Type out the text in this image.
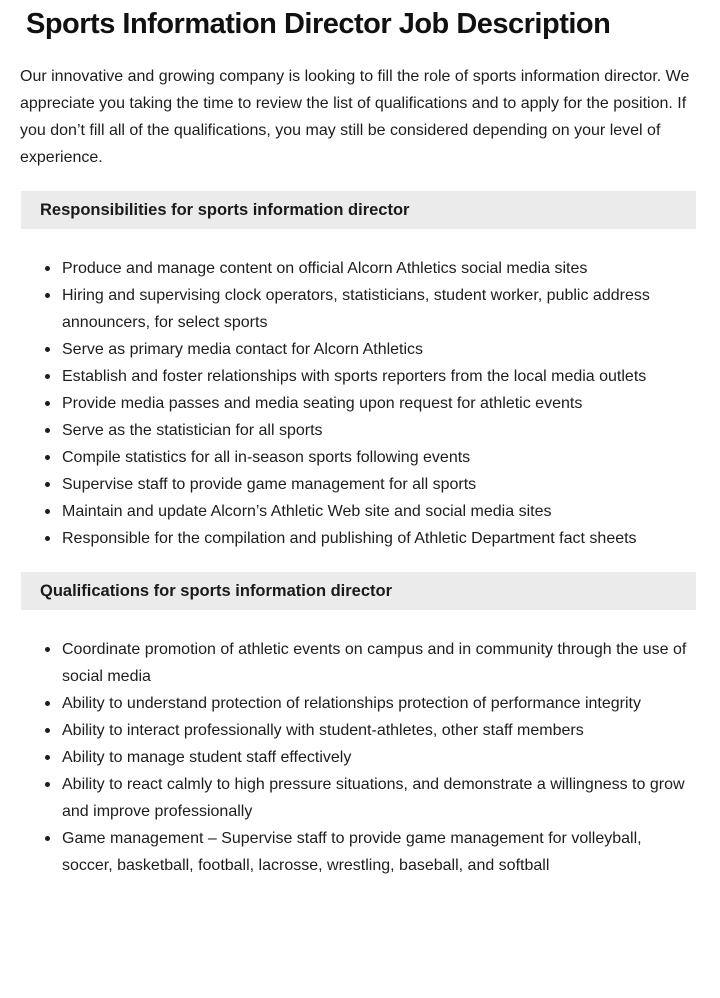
Sports Information Director Job Description

Our innovative and growing company is looking to fill the role of sports information director. We appreciate you taking the time to review the list of qualifications and to apply for the position. If you don’t fill all of the qualifications, you may still be considered depending on your level of experience.

Responsibilities for sports information director
Produce and manage content on official Alcorn Athletics social media sites
Hiring and supervising clock operators, statisticians, student worker, public address announcers, for select sports
Serve as primary media contact for Alcorn Athletics
Establish and foster relationships with sports reporters from the local media outlets
Provide media passes and media seating upon request for athletic events
Serve as the statistician for all sports
Compile statistics for all in-season sports following events
Supervise staff to provide game management for all sports
Maintain and update Alcorn’s Athletic Web site and social media sites
Responsible for the compilation and publishing of Athletic Department fact sheets
Qualifications for sports information director
Coordinate promotion of athletic events on campus and in community through the use of social media
Ability to understand protection of relationships protection of performance integrity
Ability to interact professionally with student-athletes, other staff members
Ability to manage student staff effectively
Ability to react calmly to high pressure situations, and demonstrate a willingness to grow and improve professionally
Game management – Supervise staff to provide game management for volleyball, soccer, basketball, football, lacrosse, wrestling, baseball, and softball
